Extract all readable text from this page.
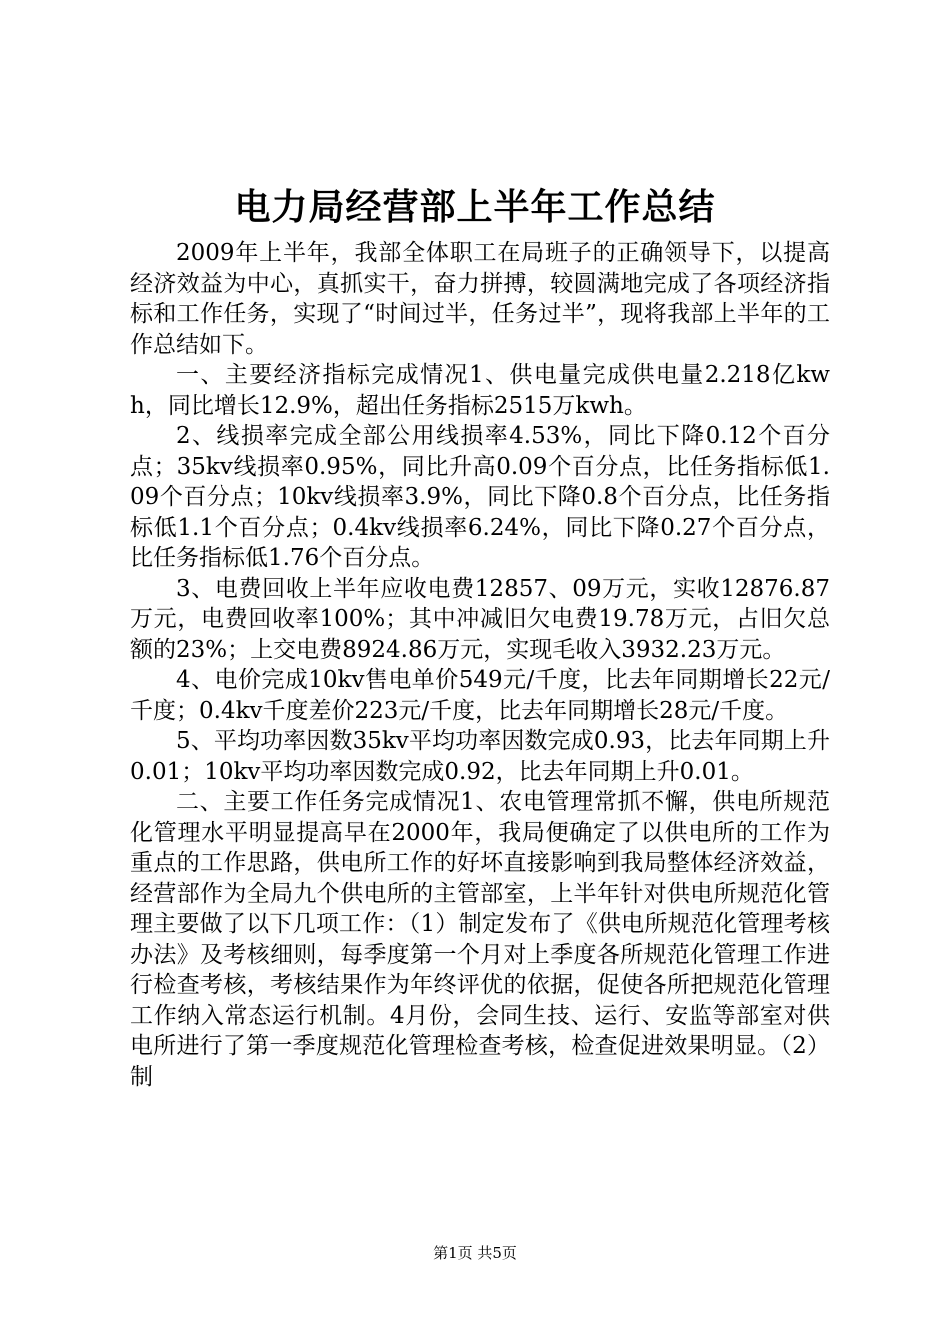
电力局经营部上半年工作总结

2009年上半年，我部全体职工在局班子的正确领导下，以提高经济效益为中心，真抓实干，奋力拼搏，较圆满地完成了各项经济指标和工作任务，实现了“时间过半，任务过半”，现将我部上半年的工作总结如下。

一、主要经济指标完成情况1、供电量完成供电量2.218亿kwh，同比增长12.9%，超出任务指标2515万kwh。

2、线损率完成全部公用线损率4.53%，同比下降0.12个百分点；35kv线损率0.95%，同比升高0.09个百分点，比任务指标低1.09个百分点；10kv线损率3.9%，同比下降0.8个百分点，比任务指标低1.1个百分点；0.4kv线损率6.24%，同比下降0.27个百分点，比任务指标低1.76个百分点。

3、电费回收上半年应收电费12857、09万元，实收12876.87万元，电费回收率100%；其中冲减旧欠电费19.78万元，占旧欠总额的23%；上交电费8924.86万元，实现毛收入3932.23万元。

4、电价完成10kv售电单价549元/千度，比去年同期增长22元/千度；0.4kv千度差价223元/千度，比去年同期增长28元/千度。

5、平均功率因数35kv平均功率因数完成0.93，比去年同期上升0.01；10kv平均功率因数完成0.92，比去年同期上升0.01。

二、主要工作任务完成情况1、农电管理常抓不懈，供电所规范化管理水平明显提高早在2000年，我局便确定了以供电所的工作为重点的工作思路，供电所工作的好坏直接影响到我局整体经济效益，经营部作为全局九个供电所的主管部室，上半年针对供电所规范化管理主要做了以下几项工作：（1）制定发布了《供电所规范化管理考核办法》及考核细则，每季度第一个月对上季度各所规范化管理工作进行检查考核，考核结果作为年终评优的依据，促使各所把规范化管理工作纳入常态运行机制。4月份，会同生技、运行、安监等部室对供电所进行了第一季度规范化管理检查考核，检查促进效果明显。（2）制

第1页 共5页
